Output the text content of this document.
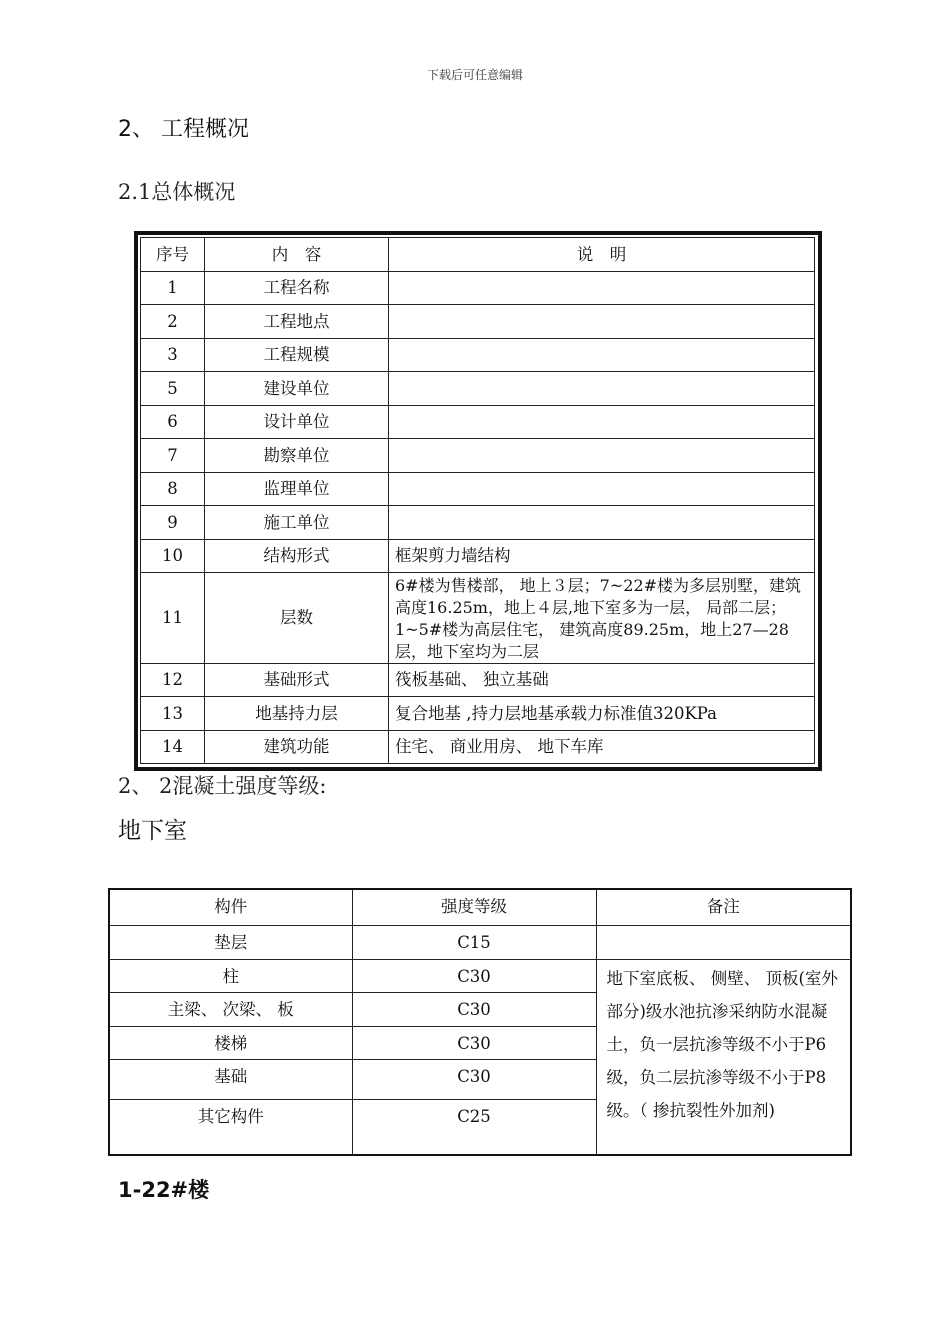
下载后可任意编辑
2、 工程概况
2.1总体概况
序号	内　容	说　明
1	工程名称	
2	工程地点	
3	工程规模	
5	建设单位	
6	设计单位	
7	勘察单位	
8	监理单位	
9	施工单位	
10	结构形式	框架剪力墙结构
11	层数	6#楼为售楼部， 地上３层；7~22#楼为多层别墅，建筑高度16.25m，地上４层,地下室多为一层， 局部二层；1~5#楼为高层住宅， 建筑高度89.25m，地上27—28层，地下室均为二层
12	基础形式	筏板基础、 独立基础
13	地基持力层	复合地基 ,持力层地基承载力标准值320KPa
14	建筑功能	住宅、 商业用房、 地下车库
2、 2混凝土强度等级:
地下室
构件	强度等级	备注
垫层	C15	
柱	C30	地下室底板、 侧壁、 顶板(室外部分)级水池抗渗采纳防水混凝土，负一层抗渗等级不小于P6级，负二层抗渗等级不小于P8级。（ 掺抗裂性外加剂)
主梁、 次梁、 板	C30	
楼梯	C30	
基础	C30	
其它构件	C25	
1-22#楼
